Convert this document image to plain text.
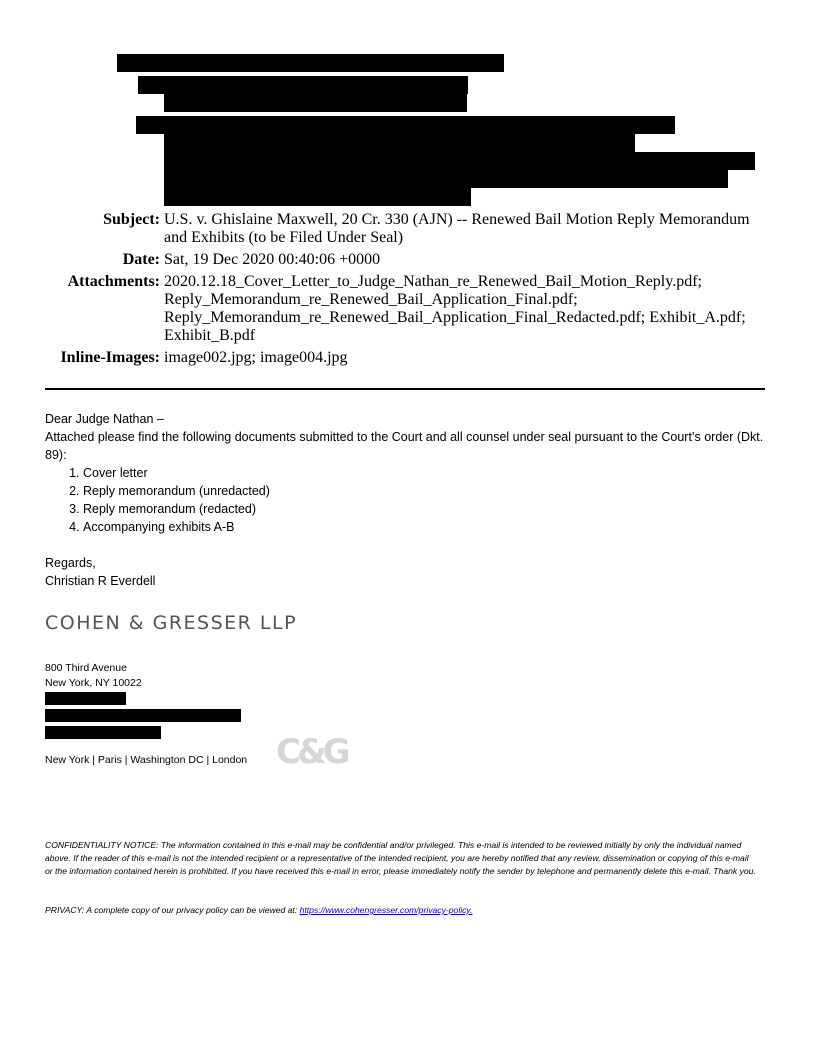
Subject: U.S. v. Ghislaine Maxwell, 20 Cr. 330 (AJN) -- Renewed Bail Motion Reply Memorandum and Exhibits (to be Filed Under Seal)
Date: Sat, 19 Dec 2020 00:40:06 +0000
Attachments: 2020.12.18_Cover_Letter_to_Judge_Nathan_re_Renewed_Bail_Motion_Reply.pdf; Reply_Memorandum_re_Renewed_Bail_Application_Final.pdf; Reply_Memorandum_re_Renewed_Bail_Application_Final_Redacted.pdf; Exhibit_A.pdf; Exhibit_B.pdf
Inline-Images: image002.jpg; image004.jpg

Dear Judge Nathan –

Attached please find the following documents submitted to the Court and all counsel under seal pursuant to the Court’s order (Dkt. 89):

1. Cover letter
2. Reply memorandum (unredacted)
3. Reply memorandum (redacted)
4. Accompanying exhibits A-B

Regards,

Christian R Everdell

COHEN & GRESSER LLP
800 Third Avenue
New York, NY 10022
New York | Paris | Washington DC | London C&G
CONFIDENTIALITY NOTICE: The information contained in this e-mail may be confidential and/or privileged. This e-mail is intended to be reviewed initially by only the individual named above. If the reader of this e-mail is not the intended recipient or a representative of the intended recipient, you are hereby notified that any review, dissemination or copying of this e-mail or the information contained herein is prohibited. If you have received this e-mail in error, please immediately notify the sender by telephone and permanently delete this e-mail. Thank you.
PRIVACY: A complete copy of our privacy policy can be viewed at: https://www.cohengresser.com/privacy-policy.
